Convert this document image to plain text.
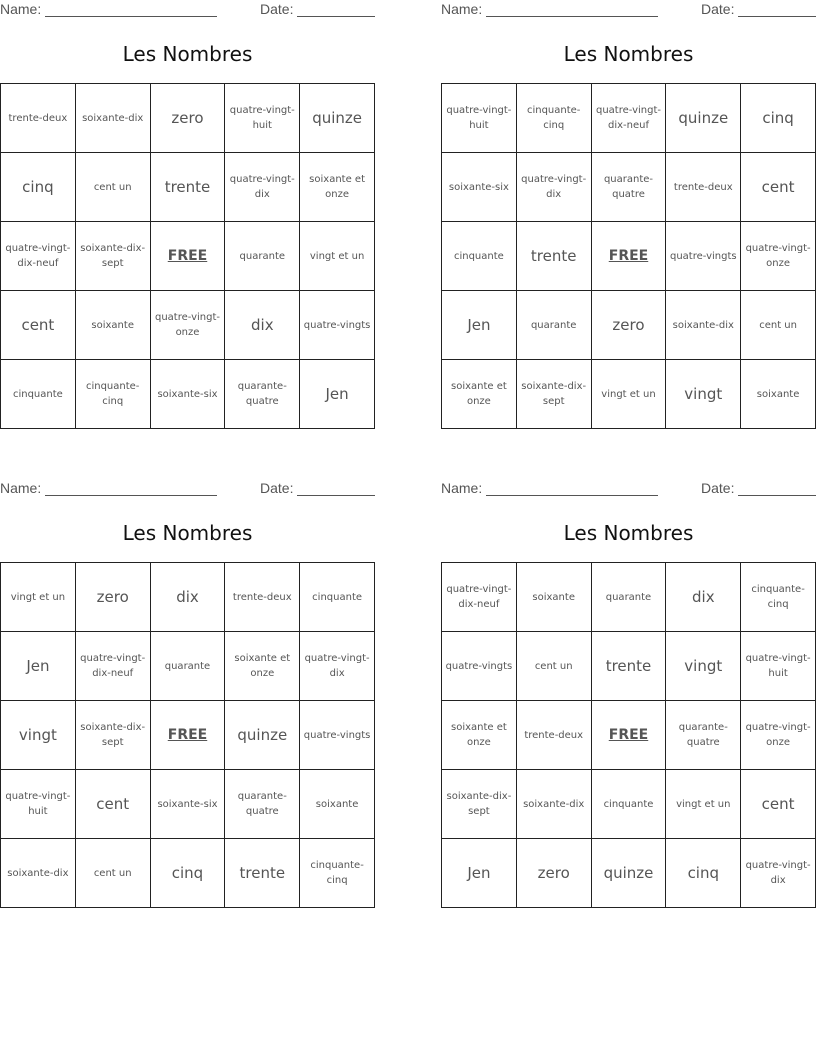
Name:	Date:
Les Nombres
trente-deux	soixante-dix	zero	quatre-vingt-huit	quinze
cinq	cent un	trente	quatre-vingt-dix	soixante et onze
quatre-vingt-dix-neuf	soixante-dix-sept	FREE	quarante	vingt et un
cent	soixante	quatre-vingt-onze	dix	quatre-vingts
cinquante	cinquante-cinq	soixante-six	quarante-quatre	Jen
Name:	Date:
Les Nombres
quatre-vingt-huit	cinquante-cinq	quatre-vingt-dix-neuf	quinze	cinq
soixante-six	quatre-vingt-dix	quarante-quatre	trente-deux	cent
cinquante	trente	FREE	quatre-vingts	quatre-vingt-onze
Jen	quarante	zero	soixante-dix	cent un
soixante et onze	soixante-dix-sept	vingt et un	vingt	soixante
Name:	Date:
Les Nombres
vingt et un	zero	dix	trente-deux	cinquante
Jen	quatre-vingt-dix-neuf	quarante	soixante et onze	quatre-vingt-dix
vingt	soixante-dix-sept	FREE	quinze	quatre-vingts
quatre-vingt-huit	cent	soixante-six	quarante-quatre	soixante
soixante-dix	cent un	cinq	trente	cinquante-cinq
Name:	Date:
Les Nombres
quatre-vingt-dix-neuf	soixante	quarante	dix	cinquante-cinq
quatre-vingts	cent un	trente	vingt	quatre-vingt-huit
soixante et onze	trente-deux	FREE	quarante-quatre	quatre-vingt-onze
soixante-dix-sept	soixante-dix	cinquante	vingt et un	cent
Jen	zero	quinze	cinq	quatre-vingt-dix
